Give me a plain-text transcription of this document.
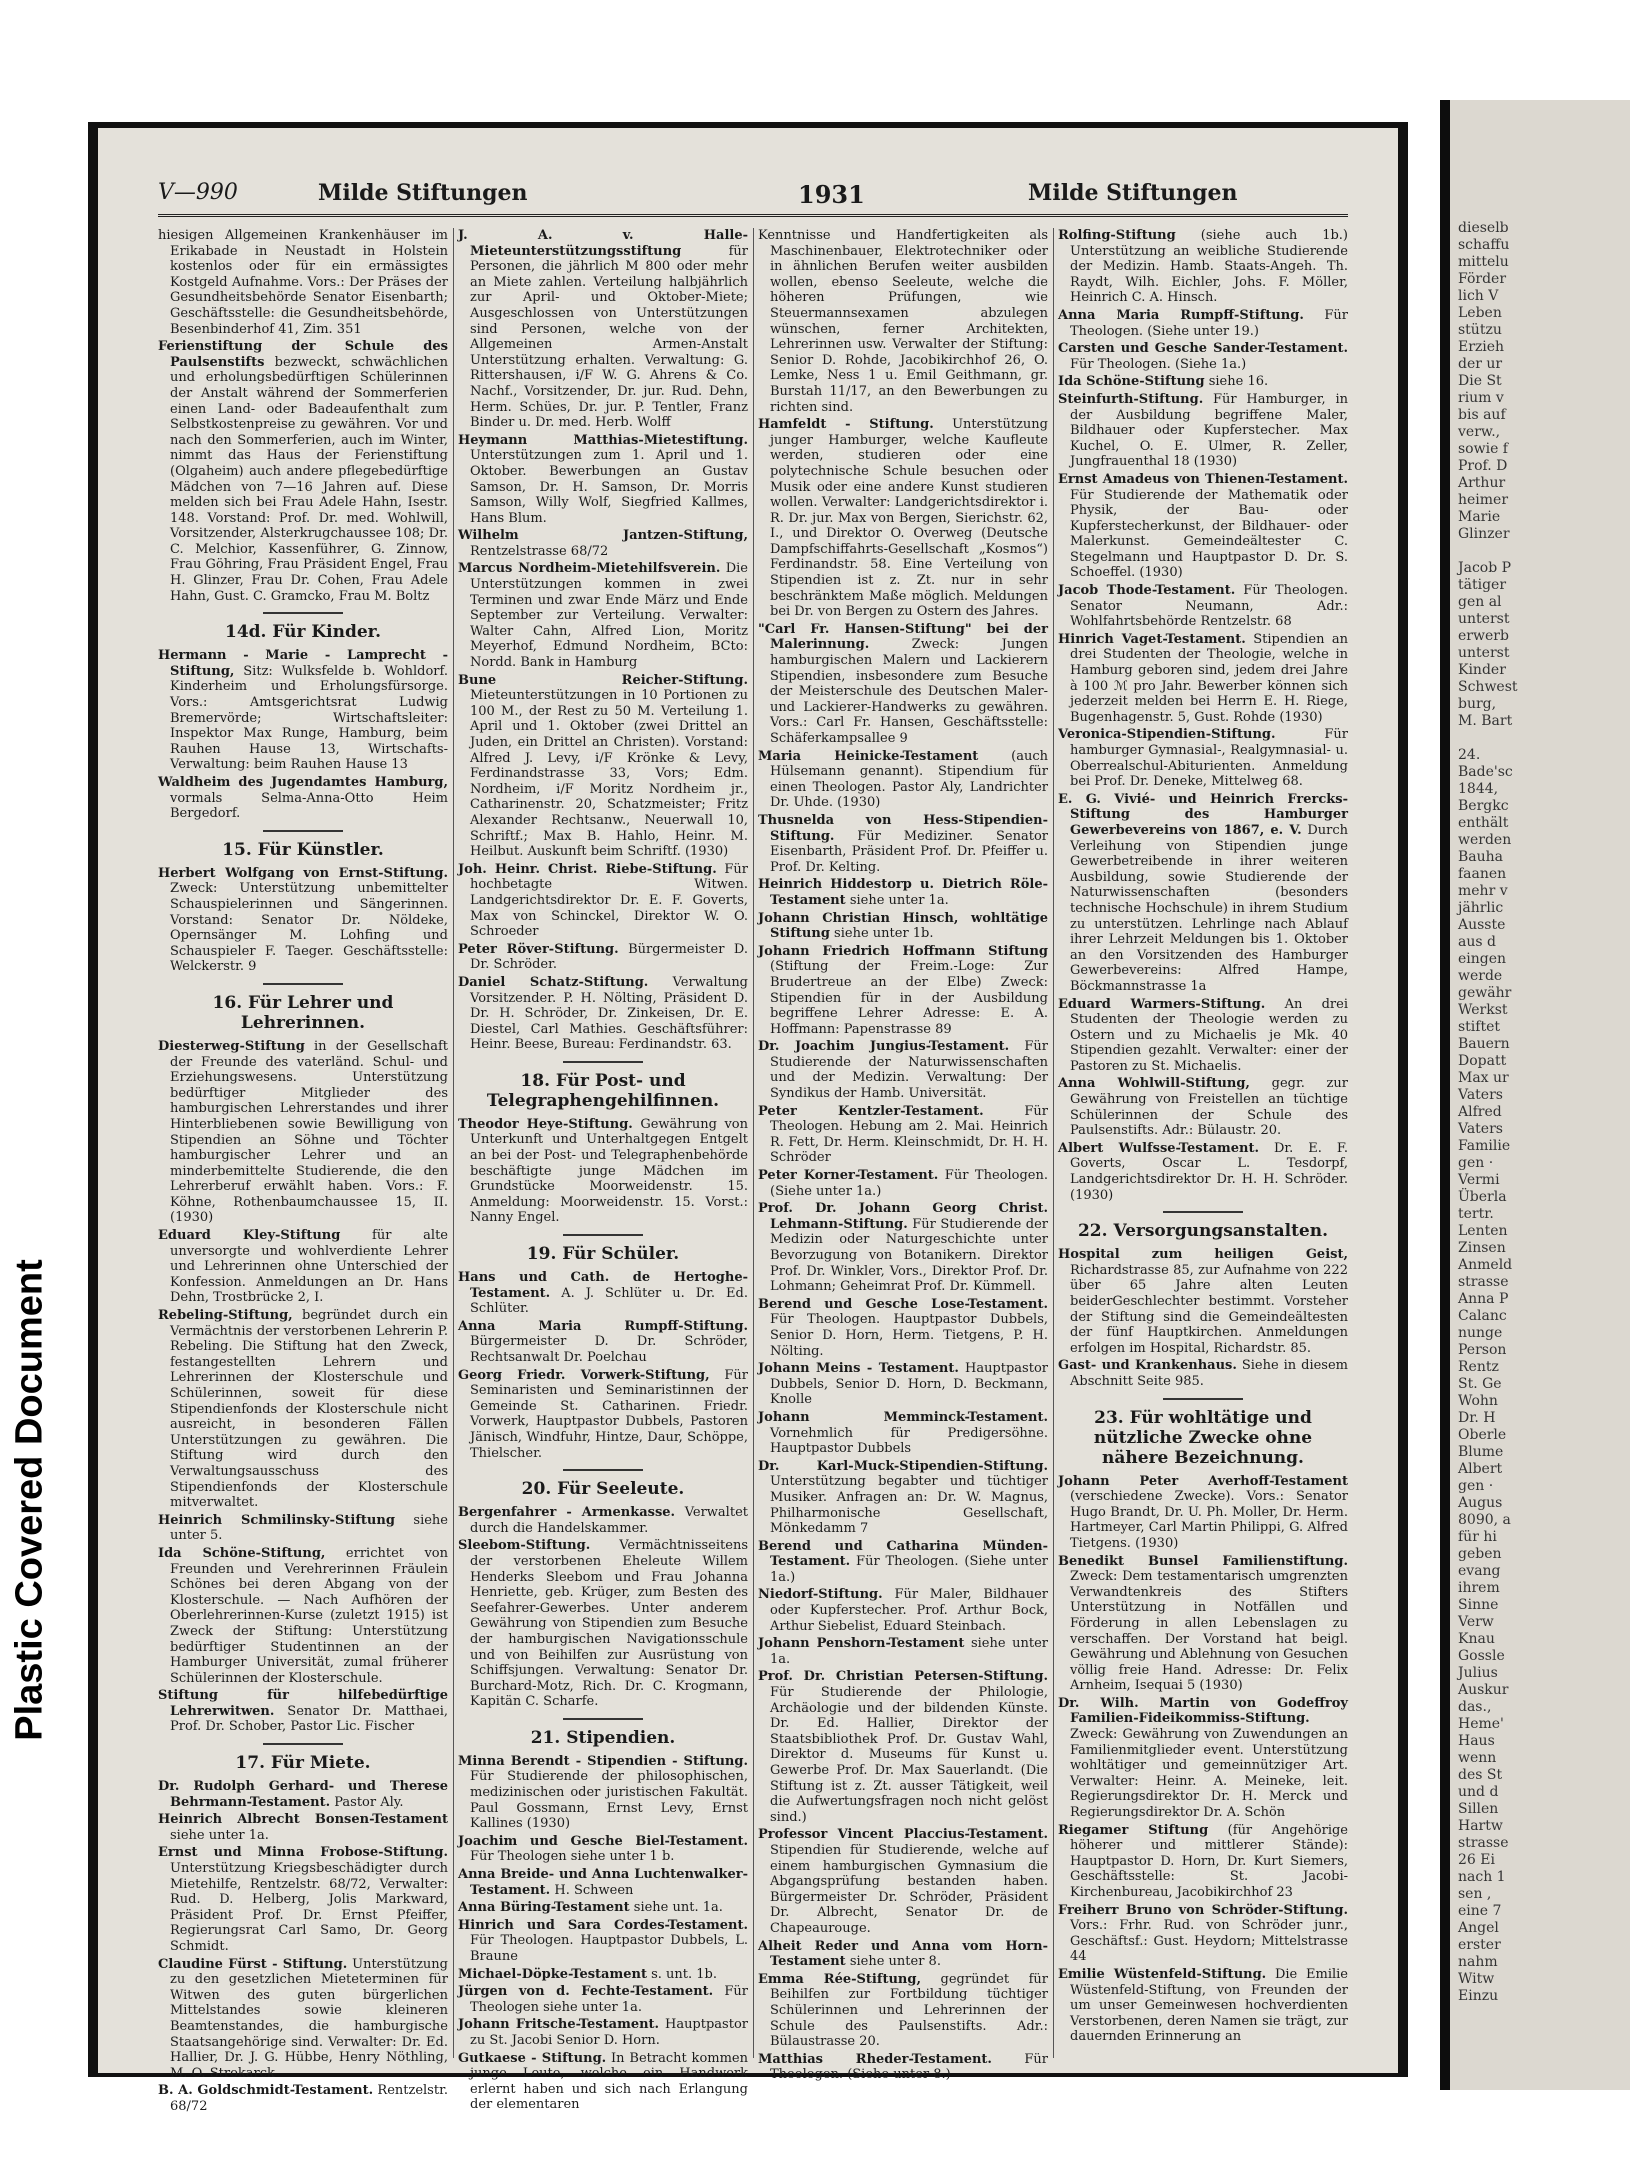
Plastic Covered Document
V—990	Milde Stiftungen	1931	Milde Stiftungen

hiesigen Allgemeinen Krankenhäuser im Erikabade in Neustadt in Holstein kostenlos oder für ein ermässigtes Kostgeld Aufnahme. Vors.: Der Präses der Gesundheitsbehörde Senator Eisenbarth; Geschäftsstelle: die Gesundheitsbehörde, Besenbinderhof 41, Zim. 351

Ferienstiftung der Schule des Paulsenstifts bezweckt, schwächlichen und erholungsbedürftigen Schülerinnen der Anstalt während der Sommerferien einen Land- oder Badeaufenthalt zum Selbstkostenpreise zu gewähren. Vor und nach den Sommerferien, auch im Winter, nimmt das Haus der Ferienstiftung (Olgaheim) auch andere pflegebedürftige Mädchen von 7—16 Jahren auf. Diese melden sich bei Frau Adele Hahn, Isestr. 148. Vorstand: Prof. Dr. med. Wohlwill, Vorsitzender, Alsterkrugchaussee 108; Dr. C. Melchior, Kassenführer, G. Zinnow, Frau Göhring, Frau Präsident Engel, Frau H. Glinzer, Frau Dr. Cohen, Frau Adele Hahn, Gust. C. Gramcko, Frau M. Boltz

14d. Für Kinder.

Hermann - Marie - Lamprecht - Stiftung, Sitz: Wulksfelde b. Wohldorf. Kinderheim und Erholungsfürsorge. Vors.: Amtsgerichtsrat Ludwig Bremervörde; Wirtschaftsleiter: Inspektor Max Runge, Hamburg, beim Rauhen Hause 13, Wirtschafts-Verwaltung: beim Rauhen Hause 13

Waldheim des Jugendamtes Hamburg, vormals Selma-Anna-Otto Heim Bergedorf.

15. Für Künstler.

Herbert Wolfgang von Ernst-Stiftung. Zweck: Unterstützung unbemittelter Schauspielerinnen und Sängerinnen. Vorstand: Senator Dr. Nöldeke, Opernsänger M. Lohfing und Schauspieler F. Taeger. Geschäftsstelle: Welckerstr. 9

16. Für Lehrer und Lehrerinnen.

Diesterweg-Stiftung in der Gesellschaft der Freunde des vaterländ. Schul- und Erziehungswesens. Unterstützung bedürftiger Mitglieder des hamburgischen Lehrerstandes und ihrer Hinterbliebenen sowie Bewilligung von Stipendien an Söhne und Töchter hamburgischer Lehrer und an minderbemittelte Studierende, die den Lehrerberuf erwählt haben. Vors.: F. Köhne, Rothenbaumchaussee 15, II. (1930)

Eduard Kley-Stiftung für alte unversorgte und wohlverdiente Lehrer und Lehrerinnen ohne Unterschied der Konfession. Anmeldungen an Dr. Hans Dehn, Trostbrücke 2, I.

Rebeling-Stiftung, begründet durch ein Vermächtnis der verstorbenen Lehrerin P. Rebeling. Die Stiftung hat den Zweck, festangestellten Lehrern und Lehrerinnen der Klosterschule und Schülerinnen, soweit für diese Stipendienfonds der Klosterschule nicht ausreicht, in besonderen Fällen Unterstützungen zu gewähren. Die Stiftung wird durch den Verwaltungsausschuss des Stipendienfonds der Klosterschule mitverwaltet.

Heinrich Schmilinsky-Stiftung siehe unter 5.

Ida Schöne-Stiftung, errichtet von Freunden und Verehrerinnen Fräulein Schönes bei deren Abgang von der Klosterschule. — Nach Aufhören der Oberlehrerinnen-Kurse (zuletzt 1915) ist Zweck der Stiftung: Unterstützung bedürftiger Studentinnen an der Hamburger Universität, zumal früherer Schülerinnen der Klosterschule.

Stiftung für hilfebedürftige Lehrerwitwen. Senator Dr. Matthaei, Prof. Dr. Schober, Pastor Lic. Fischer

17. Für Miete.

Dr. Rudolph Gerhard- und Therese Behrmann-Testament. Pastor Aly.

Heinrich Albrecht Bonsen-Testament siehe unter 1a.

Ernst und Minna Frobose-Stiftung. Unterstützung Kriegsbeschädigter durch Mietehilfe, Rentzelstr. 68/72, Verwalter: Rud. D. Helberg, Jolis Markward, Präsident Prof. Dr. Ernst Pfeiffer, Regierungsrat Carl Samo, Dr. Georg Schmidt.

Claudine Fürst - Stiftung. Unterstützung zu den gesetzlichen Mieteterminen für Witwen des guten bürgerlichen Mittelstandes sowie kleineren Beamtenstandes, die hamburgische Staatsangehörige sind. Verwalter: Dr. Ed. Hallier, Dr. J. G. Hübbe, Henry Nöthling, M. O. Strokarck

B. A. Goldschmidt-Testament. Rentzelstr. 68/72

J. A. v. Halle-Mieteunterstützungsstiftung für Personen, die jährlich M 800 oder mehr an Miete zahlen. Verteilung halbjährlich zur April- und Oktober-Miete; Ausgeschlossen von Unterstützungen sind Personen, welche von der Allgemeinen Armen-Anstalt Unterstützung erhalten. Verwaltung: G. Rittershausen, i/F W. G. Ahrens & Co. Nachf., Vorsitzender, Dr. jur. Rud. Dehn, Herm. Schües, Dr. jur. P. Tentler, Franz Binder u. Dr. med. Herb. Wolff

Heymann Matthias-Mietestiftung. Unterstützungen zum 1. April und 1. Oktober. Bewerbungen an Gustav Samson, Dr. H. Samson, Dr. Morris Samson, Willy Wolf, Siegfried Kallmes, Hans Blum.

Wilhelm Jantzen-Stiftung, Rentzelstrasse 68/72

Marcus Nordheim-Mietehilfsverein. Die Unterstützungen kommen in zwei Terminen und zwar Ende März und Ende September zur Verteilung. Verwalter: Walter Cahn, Alfred Lion, Moritz Meyerhof, Edmund Nordheim, BCto: Nordd. Bank in Hamburg

Bune Reicher-Stiftung. Mieteunterstützungen in 10 Portionen zu 100 M., der Rest zu 50 M. Verteilung 1. April und 1. Oktober (zwei Drittel an Juden, ein Drittel an Christen). Vorstand: Alfred J. Levy, i/F Krönke & Levy, Ferdinandstrasse 33, Vors; Edm. Nordheim, i/F Moritz Nordheim jr., Catharinenstr. 20, Schatzmeister; Fritz Alexander Rechtsanw., Neuerwall 10, Schriftf.; Max B. Hahlo, Heinr. M. Heilbut. Auskunft beim Schriftf. (1930)

Joh. Heinr. Christ. Riebe-Stiftung. Für hochbetagte Witwen. Landgerichtsdirektor Dr. E. F. Goverts, Max von Schinckel, Direktor W. O. Schroeder

Peter Röver-Stiftung. Bürgermeister D. Dr. Schröder.

Daniel Schatz-Stiftung. Verwaltung Vorsitzender. P. H. Nölting, Präsident D. Dr. H. Schröder, Dr. Zinkeisen, Dr. E. Diestel, Carl Mathies. Geschäftsführer: Heinr. Beese, Bureau: Ferdinandstr. 63.

18. Für Post- und Telegraphengehilfinnen.

Theodor Heye-Stiftung. Gewährung von Unterkunft und Unterhaltgegen Entgelt an bei der Post- und Telegraphenbehörde beschäftigte junge Mädchen im Grundstücke Moorweidenstr. 15. Anmeldung: Moorweidenstr. 15. Vorst.: Nanny Engel.

19. Für Schüler.

Hans und Cath. de Hertoghe-Testament. A. J. Schlüter u. Dr. Ed. Schlüter.

Anna Maria Rumpff-Stiftung. Bürgermeister D. Dr. Schröder, Rechtsanwalt Dr. Poelchau

Georg Friedr. Vorwerk-Stiftung, Für Seminaristen und Seminaristinnen der Gemeinde St. Catharinen. Friedr. Vorwerk, Hauptpastor Dubbels, Pastoren Jänisch, Windfuhr, Hintze, Daur, Schöppe, Thielscher.

20. Für Seeleute.

Bergenfahrer - Armenkasse. Verwaltet durch die Handelskammer.

Sleebom-Stiftung. Vermächtnisseitens der verstorbenen Eheleute Willem Henderks Sleebom und Frau Johanna Henriette, geb. Krüger, zum Besten des Seefahrer-Gewerbes. Unter anderem Gewährung von Stipendien zum Besuche der hamburgischen Navigationsschule und von Beihilfen zur Ausrüstung von Schiffsjungen. Verwaltung: Senator Dr. Burchard-Motz, Rich. Dr. C. Krogmann, Kapitän C. Scharfe.

21. Stipendien.

Minna Berendt - Stipendien - Stiftung. Für Studierende der philosophischen, medizinischen oder juristischen Fakultät. Paul Gossmann, Ernst Levy, Ernst Kallines (1930)

Joachim und Gesche Biel-Testament. Für Theologen siehe unter 1 b.

Anna Breide- und Anna Luchtenwalker-Testament. H. Schween

Anna Büring-Testament siehe unt. 1a.

Hinrich und Sara Cordes-Testament. Für Theologen. Hauptpastor Dubbels, L. Braune

Michael-Döpke-Testament s. unt. 1b.

Jürgen von d. Fechte-Testament. Für Theologen siehe unter 1a.

Johann Fritsche-Testament. Hauptpastor zu St. Jacobi Senior D. Horn.

Gutkaese - Stiftung. In Betracht kommen junge Leute, welche ein Handwerk erlernt haben und sich nach Erlangung der elementaren

Kenntnisse und Handfertigkeiten als Maschinenbauer, Elektrotechniker oder in ähnlichen Berufen weiter ausbilden wollen, ebenso Seeleute, welche die höheren Prüfungen, wie Steuermannsexamen abzulegen wünschen, ferner Architekten, Lehrerinnen usw. Verwalter der Stiftung: Senior D. Rohde, Jacobikirchhof 26, O. Lemke, Ness 1 u. Emil Geithmann, gr. Burstah 11/17, an den Bewerbungen zu richten sind.

Hamfeldt - Stiftung. Unterstützung junger Hamburger, welche Kaufleute werden, studieren oder eine polytechnische Schule besuchen oder Musik oder eine andere Kunst studieren wollen. Verwalter: Landgerichtsdirektor i. R. Dr. jur. Max von Bergen, Sierichstr. 62, I., und Direktor O. Overweg (Deutsche Dampfschiffahrts-Gesellschaft „Kosmos“) Ferdinandstr. 58. Eine Verteilung von Stipendien ist z. Zt. nur in sehr beschränktem Maße möglich. Meldungen bei Dr. von Bergen zu Ostern des Jahres.

"Carl Fr. Hansen-Stiftung" bei der Malerinnung. Zweck: Jungen hamburgischen Malern und Lackierern Stipendien, insbesondere zum Besuche der Meisterschule des Deutschen Maler- und Lackierer-Handwerks zu gewähren. Vors.: Carl Fr. Hansen, Geschäftsstelle: Schäferkampsallee 9

Maria Heinicke-Testament (auch Hülsemann genannt). Stipendium für einen Theologen. Pastor Aly, Landrichter Dr. Uhde. (1930)

Thusnelda von Hess-Stipendien-Stiftung. Für Mediziner. Senator Eisenbarth, Präsident Prof. Dr. Pfeiffer u. Prof. Dr. Kelting.

Heinrich Hiddestorp u. Dietrich Röle-Testament siehe unter 1a.

Johann Christian Hinsch, wohltätige Stiftung siehe unter 1b.

Johann Friedrich Hoffmann Stiftung (Stiftung der Freim.-Loge: Zur Brudertreue an der Elbe) Zweck: Stipendien für in der Ausbildung begriffene Lehrer Adresse: E. A. Hoffmann: Papenstrasse 89

Dr. Joachim Jungius-Testament. Für Studierende der Naturwissenschaften und der Medizin. Verwaltung: Der Syndikus der Hamb. Universität.

Peter Kentzler-Testament. Für Theologen. Hebung am 2. Mai. Heinrich R. Fett, Dr. Herm. Kleinschmidt, Dr. H. H. Schröder

Peter Korner-Testament. Für Theologen. (Siehe unter 1a.)

Prof. Dr. Johann Georg Christ. Lehmann-Stiftung. Für Studierende der Medizin oder Naturgeschichte unter Bevorzugung von Botanikern. Direktor Prof. Dr. Winkler, Vors., Direktor Prof. Dr. Lohmann; Geheimrat Prof. Dr. Kümmell.

Berend und Gesche Lose-Testament. Für Theologen. Hauptpastor Dubbels, Senior D. Horn, Herm. Tietgens, P. H. Nölting.

Johann Meins - Testament. Hauptpastor Dubbels, Senior D. Horn, D. Beckmann, Knolle

Johann Memminck-Testament. Vornehmlich für Predigersöhne. Hauptpastor Dubbels

Dr. Karl-Muck-Stipendien-Stiftung. Unterstützung begabter und tüchtiger Musiker. Anfragen an: Dr. W. Magnus, Philharmonische Gesellschaft, Mönkedamm 7

Berend und Catharina Münden-Testament. Für Theologen. (Siehe unter 1a.)

Niedorf-Stiftung. Für Maler, Bildhauer oder Kupferstecher. Prof. Arthur Bock, Arthur Siebelist, Eduard Steinbach.

Johann Penshorn-Testament siehe unter 1a.

Prof. Dr. Christian Petersen-Stiftung. Für Studierende der Philologie, Archäologie und der bildenden Künste. Dr. Ed. Hallier, Direktor der Staatsbibliothek Prof. Dr. Gustav Wahl, Direktor d. Museums für Kunst u. Gewerbe Prof. Dr. Max Sauerlandt. (Die Stiftung ist z. Zt. ausser Tätigkeit, weil die Aufwertungsfragen noch nicht gelöst sind.)

Professor Vincent Placcius-Testament. Stipendien für Studierende, welche auf einem hamburgischen Gymnasium die Abgangsprüfung bestanden haben. Bürgermeister Dr. Schröder, Präsident Dr. Albrecht, Senator Dr. de Chapeaurouge.

Alheit Reder und Anna vom Horn-Testament siehe unter 8.

Emma Rée-Stiftung, gegründet für Beihilfen zur Fortbildung tüchtiger Schülerinnen und Lehrerinnen der Schule des Paulsenstifts. Adr.: Bülaustrasse 20.

Matthias Rheder-Testament. Für Theologen. (Siehe unter 8.)

Rolfing-Stiftung (siehe auch 1b.) Unterstützung an weibliche Studierende der Medizin. Hamb. Staats-Angeh. Th. Raydt, Wilh. Eichler, Johs. F. Möller, Heinrich C. A. Hinsch.

Anna Maria Rumpff-Stiftung. Für Theologen. (Siehe unter 19.)

Carsten und Gesche Sander-Testament. Für Theologen. (Siehe 1a.)

Ida Schöne-Stiftung siehe 16.

Steinfurth-Stiftung. Für Hamburger, in der Ausbildung begriffene Maler, Bildhauer oder Kupferstecher. Max Kuchel, O. E. Ulmer, R. Zeller, Jungfrauenthal 18 (1930)

Ernst Amadeus von Thienen-Testament. Für Studierende der Mathematik oder Physik, der Bau- oder Kupferstecherkunst, der Bildhauer- oder Malerkunst. Gemeindeältester C. Stegelmann und Hauptpastor D. Dr. S. Schoeffel. (1930)

Jacob Thode-Testament. Für Theologen. Senator Neumann, Adr.: Wohlfahrtsbehörde Rentzelstr. 68

Hinrich Vaget-Testament. Stipendien an drei Studenten der Theologie, welche in Hamburg geboren sind, jedem drei Jahre à 100 ℳ pro Jahr. Bewerber können sich jederzeit melden bei Herrn E. H. Riege, Bugenhagenstr. 5, Gust. Rohde (1930)

Veronica-Stipendien-Stiftung. Für hamburger Gymnasial-, Realgymnasial- u. Oberrealschul-Abiturienten. Anmeldung bei Prof. Dr. Deneke, Mittelweg 68.

E. G. Vivié- und Heinrich Frercks-Stiftung des Hamburger Gewerbevereins von 1867, e. V. Durch Verleihung von Stipendien junge Gewerbetreibende in ihrer weiteren Ausbildung, sowie Studierende der Naturwissenschaften (besonders technische Hochschule) in ihrem Studium zu unterstützen. Lehrlinge nach Ablauf ihrer Lehrzeit Meldungen bis 1. Oktober an den Vorsitzenden des Hamburger Gewerbevereins: Alfred Hampe, Böckmannstrasse 1a

Eduard Warmers-Stiftung. An drei Studenten der Theologie werden zu Ostern und zu Michaelis je Mk. 40 Stipendien gezahlt. Verwalter: einer der Pastoren zu St. Michaelis.

Anna Wohlwill-Stiftung, gegr. zur Gewährung von Freistellen an tüchtige Schülerinnen der Schule des Paulsenstifts. Adr.: Bülaustr. 20.

Albert Wulfsse-Testament. Dr. E. F. Goverts, Oscar L. Tesdorpf, Landgerichtsdirektor Dr. H. H. Schröder. (1930)

22. Versorgungsanstalten.

Hospital zum heiligen Geist, Richardstrasse 85, zur Aufnahme von 222 über 65 Jahre alten Leuten beiderGeschlechter bestimmt. Vorsteher der Stiftung sind die Gemeindeältesten der fünf Hauptkirchen. Anmeldungen erfolgen im Hospital, Richardstr. 85.

Gast- und Krankenhaus. Siehe in diesem Abschnitt Seite 985.

23. Für wohltätige und nützliche Zwecke ohne nähere Bezeichnung.

Johann Peter Averhoff-Testament (verschiedene Zwecke). Vors.: Senator Hugo Brandt, Dr. U. Ph. Moller, Dr. Herm. Hartmeyer, Carl Martin Philippi, G. Alfred Tietgens. (1930)

Benedikt Bunsel Familienstiftung. Zweck: Dem testamentarisch umgrenzten Verwandtenkreis des Stifters Unterstützung in Notfällen und Förderung in allen Lebenslagen zu verschaffen. Der Vorstand hat beigl. Gewährung und Ablehnung von Gesuchen völlig freie Hand. Adresse: Dr. Felix Arnheim, Isequai 5 (1930)

Dr. Wilh. Martin von Godeffroy Familien-Fideikommiss-Stiftung. Zweck: Gewährung von Zuwendungen an Familienmitglieder event. Unterstützung wohltätiger und gemeinnütziger Art. Verwalter: Heinr. A. Meineke, leit. Regierungsdirektor Dr. H. Merck und Regierungsdirektor Dr. A. Schön

Riegamer Stiftung (für Angehörige höherer und mittlerer Stände): Hauptpastor D. Horn, Dr. Kurt Siemers, Geschäftsstelle: St. Jacobi-Kirchenbureau, Jacobikirchhof 23

Freiherr Bruno von Schröder-Stiftung. Vors.: Frhr. Rud. von Schröder junr., Geschäftsf.: Gust. Heydorn; Mittelstrasse 44

Emilie Wüstenfeld-Stiftung. Die Emilie Wüstenfeld-Stiftung, von Freunden der um unser Gemeinwesen hochverdienten Verstorbenen, deren Namen sie trägt, zur dauernden Erinnerung an

dieselb
schaffu
mittelu
Förder
lich V
Leben
stützu
Erzieh
der ur
Die St
rium v
bis auf
verw.,
sowie f
Prof. D
Arthur
heimer
Marie
Glinzer

Jacob P
tätiger
gen al
unterst
erwerb
unterst
Kinder
Schwest
burg,
M. Bart

24.
Bade'sc
1844,
Bergkc
enthält
werden
Bauha
faanen
mehr v
jährlic
Ausste
aus d
eingen
werde
gewähr
Werkst
stiftet
Bauern
Dopatt
Max ur
Vaters
Alfred
Vaters
Familie
gen ·
Vermi
Überla
tertr.
Lenten
Zinsen
Anmeld
strasse
Anna P
Calanc
nunge
Person
Rentz
St. Ge
Wohn
Dr. H
Oberle
Blume
Albert
gen ·
Augus
8090, a
für hi
geben
evang
ihrem
Sinne
Verw
Knau
Gossle
Julius
Auskur
das.,
Heme'
Haus
wenn
des St
und d
Sillen
Hartw
strasse
26 Ei
nach 1
sen ,
eine 7
Angel
erster
nahm
Witw
Einzu
